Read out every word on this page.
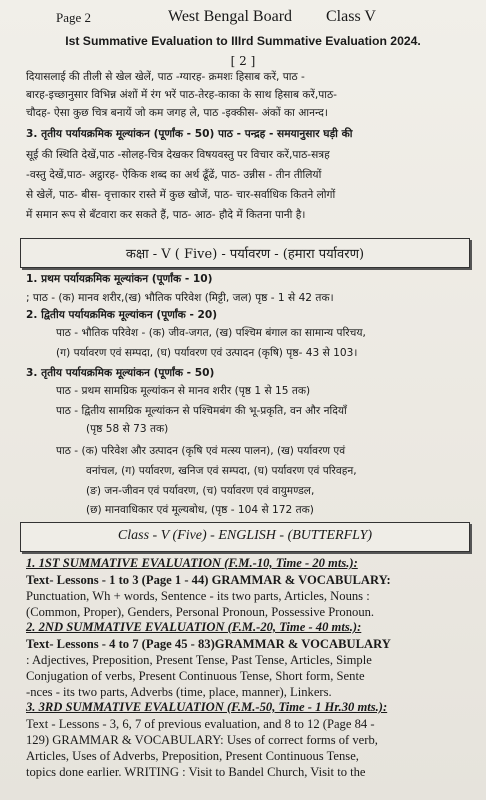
Page 2	West Bengal Board Class V
Ist Summative Evaluation to IIIrd Summative Evaluation 2024.
[ 2 ]
दियासलाई की तीली से खेल खेलें, पाठ -ग्यारह- क्रमशः हिसाब करें, पाठ -
बारह-इच्छानुसार विभिन्न अंशों में रंग भरें पाठ-तेरह-काका के साथ हिसाब करें,पाठ-
चौदह- ऐसा कुछ चित्र बनायें जो कम जगह ले, पाठ -इक्कीस- अंकों का आनन्द।
3. तृतीय पर्यायक्रमिक मूल्यांकन (पूर्णांक - 50) पाठ - पन्द्रह - समयानुसार घड़ी की
सूई की स्थिति देखें,पाठ -सोलह-चित्र देखकर विषयवस्तु पर विचार करें,पाठ-सत्रह
-वस्तु देखें,पाठ- अट्ठारह- ऐकिक शब्द का अर्थ ढूँढें, पाठ- उन्नीस - तीन तीलियों
से खेलें, पाठ- बीस- वृत्ताकार रास्ते में कुछ खोजें, पाठ- चार-सर्वाधिक कितने लोगों
में समान रूप से बँटवारा कर सकते हैं, पाठ- आठ- हौदे में कितना पानी है।
कक्षा - V ( Five) - पर्यावरण - (हमारा पर्यावरण)
1. प्रथम पर्यायक्रमिक मूल्यांकन (पूर्णांक - 10)
; पाठ - (क) मानव शरीर,(ख) भौतिक परिवेश (मिट्टी, जल) पृष्ठ - 1 से 42 तक।
2. द्वितीय पर्यायक्रमिक मूल्यांकन (पूर्णांक - 20)
पाठ - भौतिक परिवेश - (क) जीव-जगत, (ख) पश्चिम बंगाल का सामान्य परिचय,
(ग) पर्यावरण एवं सम्पदा, (घ) पर्यावरण एवं उत्पादन (कृषि) पृष्ठ- 43 से 103।
3. तृतीय पर्यायक्रमिक मूल्यांकन (पूर्णांक - 50)
पाठ - प्रथम सामग्रिक मूल्यांकन से मानव शरीर (पृष्ठ 1 से 15 तक)
पाठ - द्वितीय सामग्रिक मूल्यांकन से पश्चिमबंग की भू-प्रकृति, वन और नदियाँ
(पृष्ठ 58 से 73 तक)
पाठ - (क) परिवेश और उत्पादन (कृषि एवं मत्स्य पालन), (ख) पर्यावरण एवं
वनांचल, (ग) पर्यावरण, खनिज एवं सम्पदा, (घ) पर्यावरण एवं परिवहन,
(ङ) जन-जीवन एवं पर्यावरण, (च) पर्यावरण एवं वायुमण्डल,
(छ) मानवाधिकार एवं मूल्यबोध, (पृष्ठ - 104 से 172 तक)
Class - V (Five) - ENGLISH - (BUTTERFLY)
1. 1ST SUMMATIVE EVALUATION (F.M.-10, Time - 20 mts.):
Text- Lessons - 1 to 3 (Page 1 - 44) GRAMMAR & VOCABULARY:
Punctuation, Wh + words, Sentence - its two parts, Articles, Nouns :
(Common, Proper), Genders, Personal Pronoun, Possessive Pronoun.
2. 2ND SUMMATIVE EVALUATION (F.M.-20, Time - 40 mts.):
Text- Lessons - 4 to 7 (Page 45 - 83)GRAMMAR & VOCABULARY
: Adjectives, Preposition, Present Tense, Past Tense, Articles, Simple
Conjugation of verbs, Present Continuous Tense, Short form, Sente
-nces - its two parts, Adverbs (time, place, manner), Linkers.
3. 3RD SUMMATIVE EVALUATION (F.M.-50, Time - 1 Hr.30 mts.):
Text - Lessons - 3, 6, 7 of previous evaluation, and 8 to 12 (Page 84 -
129) GRAMMAR & VOCABULARY: Uses of correct forms of verb,
Articles, Uses of Adverbs, Preposition, Present Continuous Tense,
topics done earlier. WRITING : Visit to Bandel Church, Visit to the
